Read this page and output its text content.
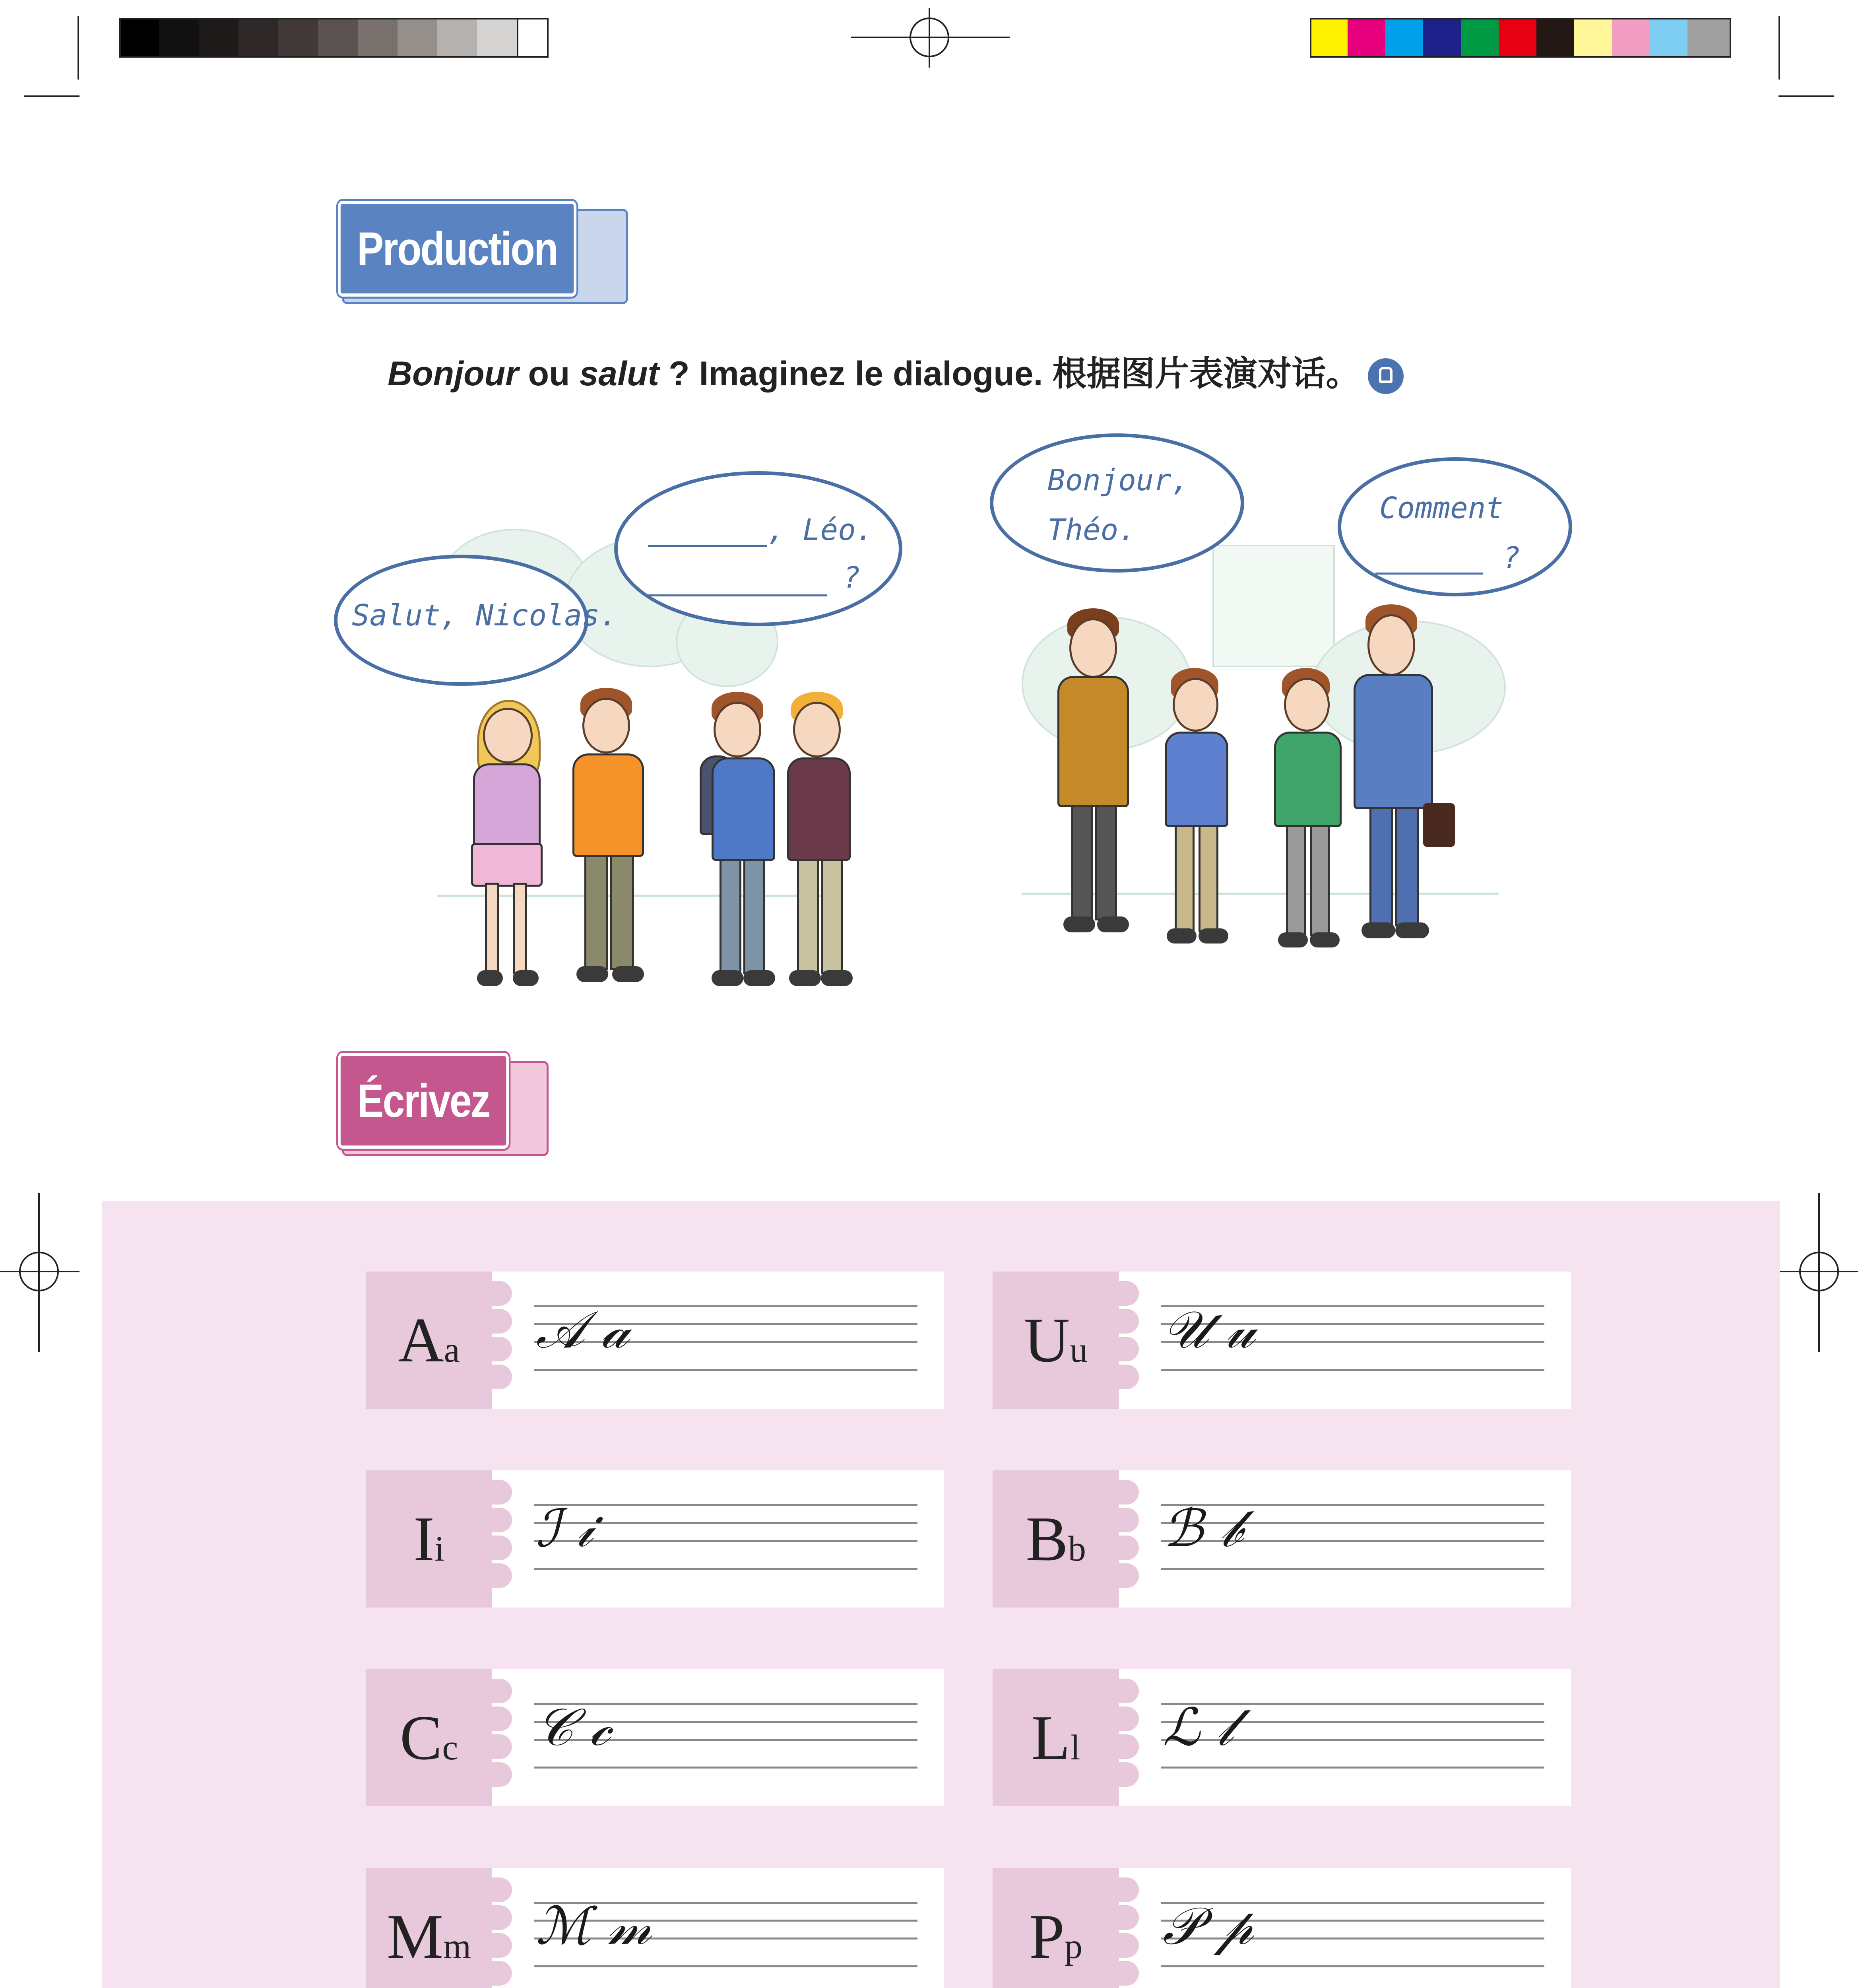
Production
Bonjour ou salut ? Imaginez le dialogue. 根据图片表演对话。
Salut, Nicolas.
, Léo.
?
Bonjour,
Théo.
Comment
?
Écrivez
A a 𝒜 𝒶	U u 𝒰 𝓊
I i ℐ 𝒾	B b ℬ 𝒷
C c 𝒞 𝒸	L l ℒ 𝓁
M m ℳ 𝓂	P p 𝒫 𝓅
